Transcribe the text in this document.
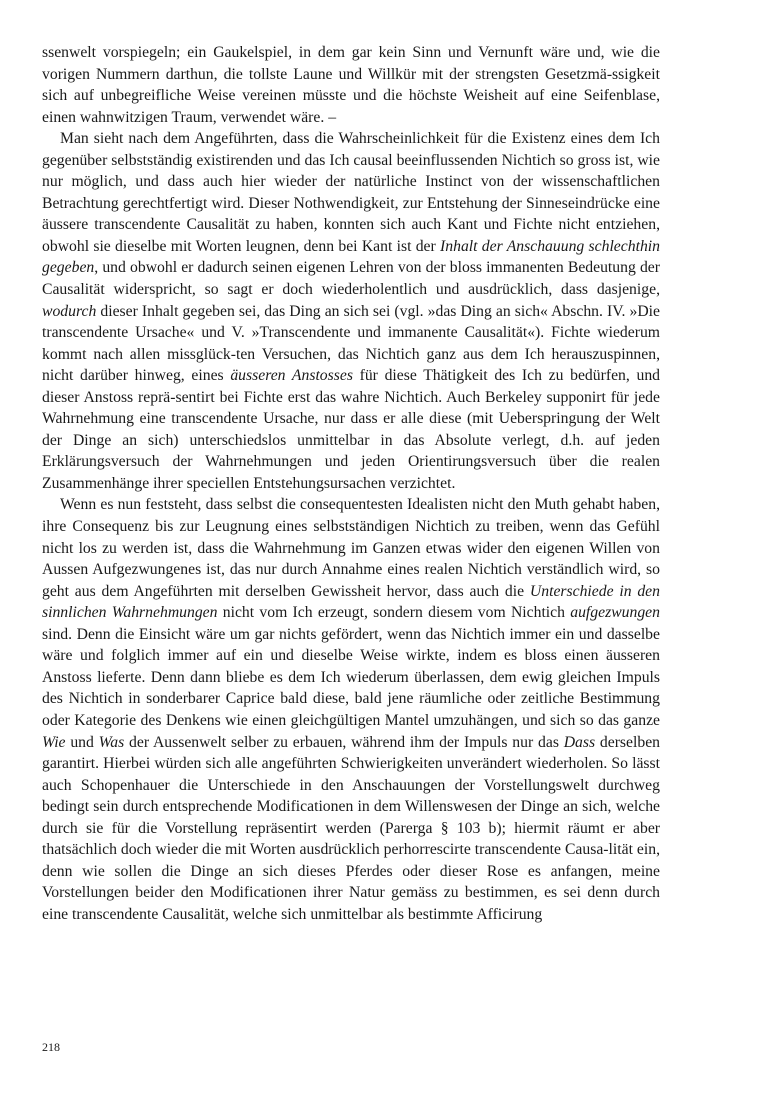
ssenwelt vorspiegeln; ein Gaukelspiel, in dem gar kein Sinn und Vernunft wäre und, wie die vorigen Nummern darthun, die tollste Laune und Willkür mit der strengsten Gesetzmä-ssigkeit sich auf unbegreifliche Weise vereinen müsste und die höchste Weisheit auf eine Seifenblase, einen wahnwitzigen Traum, verwendet wäre. –

Man sieht nach dem Angeführten, dass die Wahrscheinlichkeit für die Existenz eines dem Ich gegenüber selbstständig existirenden und das Ich causal beeinflussenden Nichtich so gross ist, wie nur möglich, und dass auch hier wieder der natürliche Instinct von der wissenschaftlichen Betrachtung gerechtfertigt wird. Dieser Nothwendigkeit, zur Entstehung der Sinneseindrücke eine äussere transcendente Causalität zu haben, konnten sich auch Kant und Fichte nicht entziehen, obwohl sie dieselbe mit Worten leugnen, denn bei Kant ist der Inhalt der Anschauung schlechthin gegeben, und obwohl er dadurch seinen eigenen Lehren von der bloss immanenten Bedeutung der Causalität widerspricht, so sagt er doch wiederholentlich und ausdrücklich, dass dasjenige, wodurch dieser Inhalt gegeben sei, das Ding an sich sei (vgl. »das Ding an sich« Abschn. IV. »Die transcendente Ursache« und V. »Transcendente und immanente Causalität«). Fichte wiederum kommt nach allen missglück-ten Versuchen, das Nichtich ganz aus dem Ich herauszuspinnen, nicht darüber hinweg, eines äusseren Anstosses für diese Thätigkeit des Ich zu bedürfen, und dieser Anstoss reprä-sentirt bei Fichte erst das wahre Nichtich. Auch Berkeley supponirt für jede Wahrnehmung eine transcendente Ursache, nur dass er alle diese (mit Ueberspringung der Welt der Dinge an sich) unterschiedslos unmittelbar in das Absolute verlegt, d.h. auf jeden Erklärungsversuch der Wahrnehmungen und jeden Orientirungsversuch über die realen Zusammenhänge ihrer speciellen Entstehungsursachen verzichtet.

Wenn es nun feststeht, dass selbst die consequentesten Idealisten nicht den Muth gehabt haben, ihre Consequenz bis zur Leugnung eines selbstständigen Nichtich zu treiben, wenn das Gefühl nicht los zu werden ist, dass die Wahrnehmung im Ganzen etwas wider den eigenen Willen von Aussen Aufgezwungenes ist, das nur durch Annahme eines realen Nichtich verständlich wird, so geht aus dem Angeführten mit derselben Gewissheit hervor, dass auch die Unterschiede in den sinnlichen Wahrnehmungen nicht vom Ich erzeugt, sondern diesem vom Nichtich aufgezwungen sind. Denn die Einsicht wäre um gar nichts gefördert, wenn das Nichtich immer ein und dasselbe wäre und folglich immer auf ein und dieselbe Weise wirkte, indem es bloss einen äusseren Anstoss lieferte. Denn dann bliebe es dem Ich wiederum überlassen, dem ewig gleichen Impuls des Nichtich in sonderbarer Caprice bald diese, bald jene räumliche oder zeitliche Bestimmung oder Kategorie des Denkens wie einen gleichgültigen Mantel umzuhängen, und sich so das ganze Wie und Was der Aussenwelt selber zu erbauen, während ihm der Impuls nur das Dass derselben garantirt. Hierbei würden sich alle angeführten Schwierigkeiten unverändert wiederholen. So lässt auch Schopenhauer die Unterschiede in den Anschauungen der Vorstellungswelt durchweg bedingt sein durch entsprechende Modificationen in dem Willenswesen der Dinge an sich, welche durch sie für die Vorstellung repräsentirt werden (Parerga § 103 b); hiermit räumt er aber thatsächlich doch wieder die mit Worten ausdrücklich perhorrescirte transcendente Causa-lität ein, denn wie sollen die Dinge an sich dieses Pferdes oder dieser Rose es anfangen, meine Vorstellungen beider den Modificationen ihrer Natur gemäss zu bestimmen, es sei denn durch eine transcendente Causalität, welche sich unmittelbar als bestimmte Afficirung

218
